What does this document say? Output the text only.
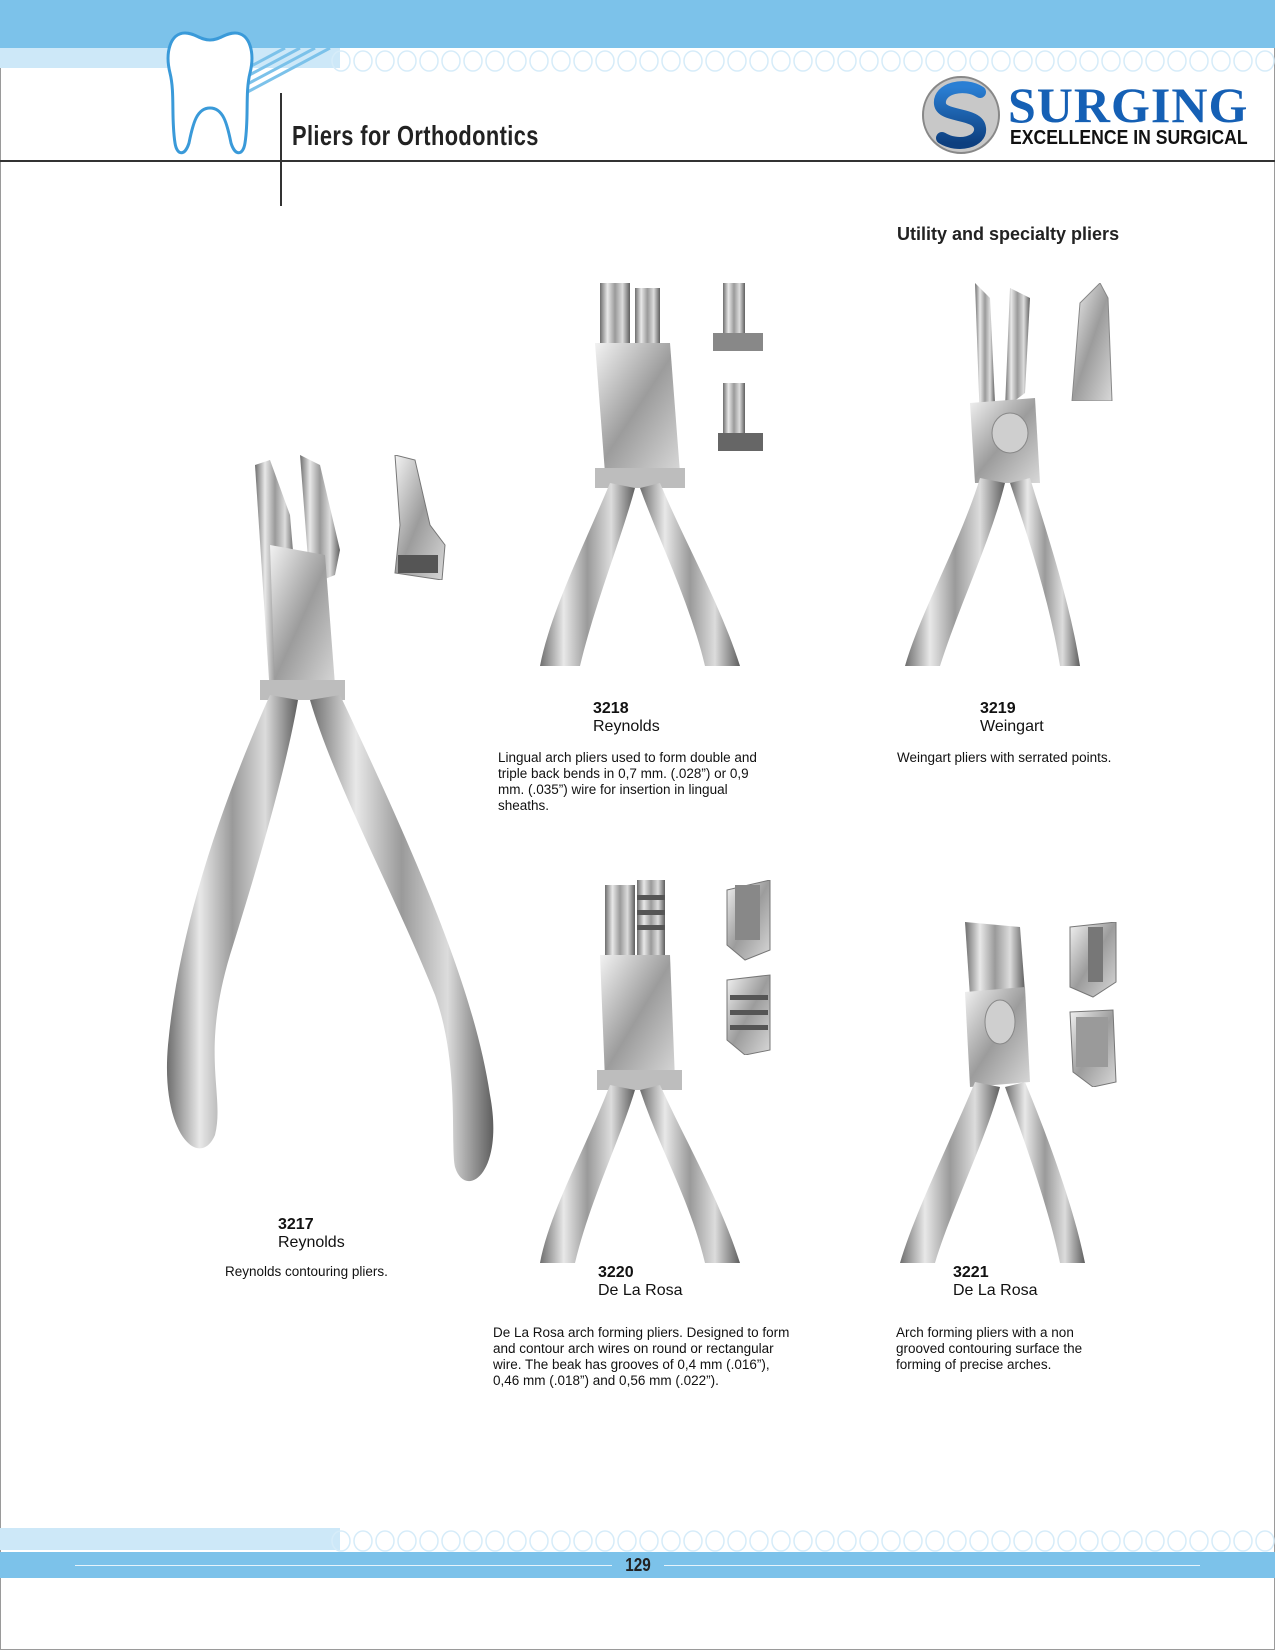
Pliers for Orthodontics
SURGING
EXCELLENCE IN SURGICAL
Utility and specialty pliers
3217
Reynolds
Reynolds contouring pliers.
3218
Reynolds
Lingual arch pliers used to form double and triple back bends in 0,7 mm. (.028”) or 0,9 mm. (.035”) wire for insertion in lingual sheaths.
3219
Weingart
Weingart pliers with serrated points.
3220
De La Rosa
De La Rosa arch forming pliers. Designed to form and contour arch wires on round or rectangular wire. The beak has grooves of 0,4 mm (.016”), 0,46 mm (.018”) and 0,56 mm (.022”).
3221
De La Rosa
Arch forming pliers with a non grooved contouring surface the forming of precise arches.
129
